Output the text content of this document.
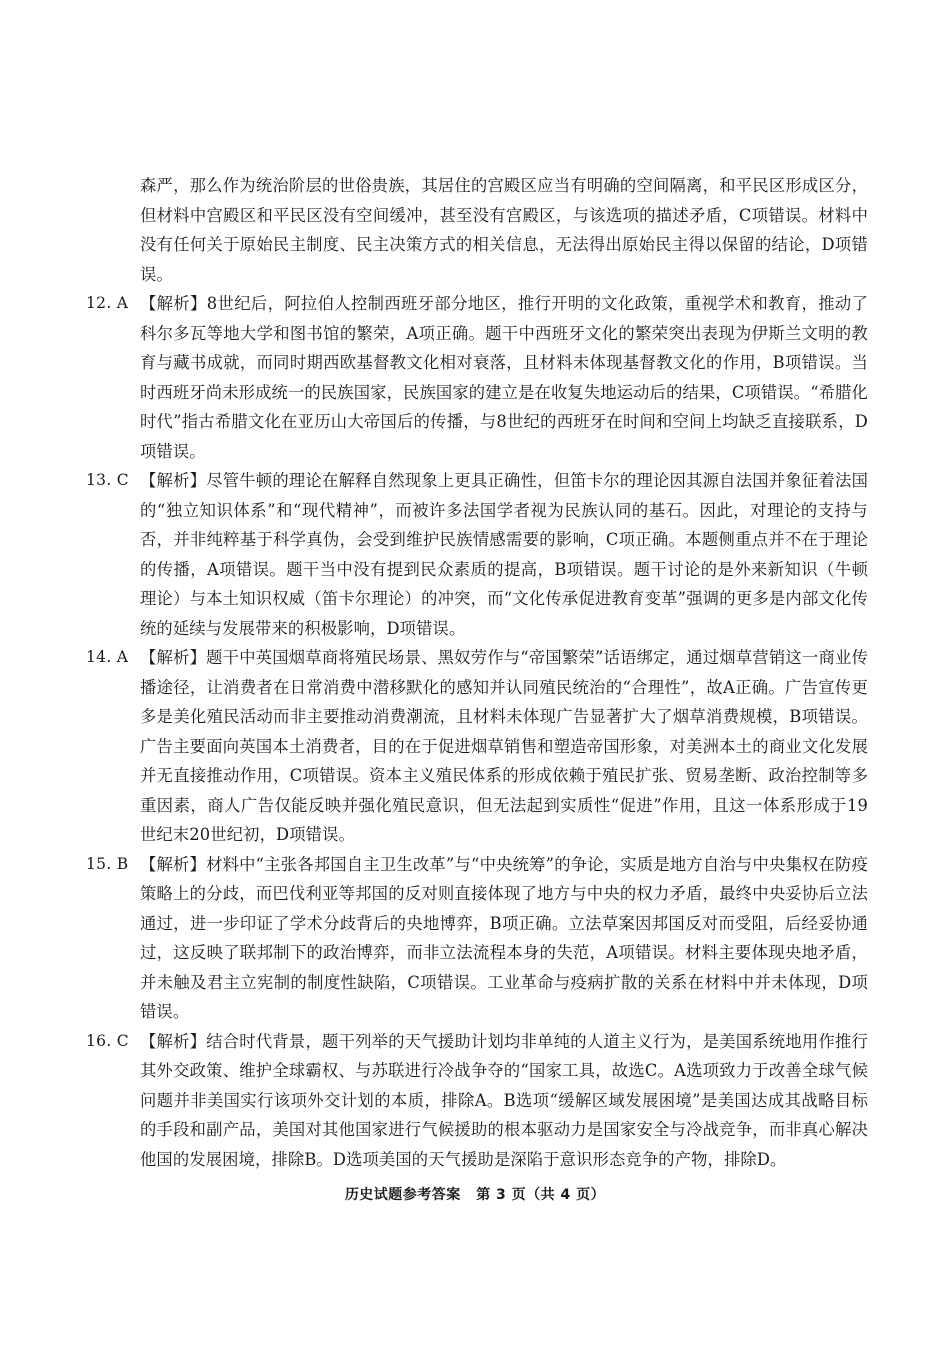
森严，那么作为统治阶层的世俗贵族，其居住的宫殿区应当有明确的空间隔离，和平民区形成区分，但材料中宫殿区和平民区没有空间缓冲，甚至没有宫殿区，与该选项的描述矛盾，C项错误。材料中没有任何关于原始民主制度、民主决策方式的相关信息，无法得出原始民主得以保留的结论，D项错误。
12. A 【解析】8世纪后，阿拉伯人控制西班牙部分地区，推行开明的文化政策，重视学术和教育，推动了科尔多瓦等地大学和图书馆的繁荣，A项正确。题干中西班牙文化的繁荣突出表现为伊斯兰文明的教育与藏书成就，而同时期西欧基督教文化相对衰落，且材料未体现基督教文化的作用，B项错误。当时西班牙尚未形成统一的民族国家，民族国家的建立是在收复失地运动后的结果，C项错误。“希腊化时代”指古希腊文化在亚历山大帝国后的传播，与8世纪的西班牙在时间和空间上均缺乏直接联系，D项错误。
13. C 【解析】尽管牛顿的理论在解释自然现象上更具正确性，但笛卡尔的理论因其源自法国并象征着法国的“独立知识体系”和“现代精神”，而被许多法国学者视为民族认同的基石。因此，对理论的支持与否，并非纯粹基于科学真伪，会受到维护民族情感需要的影响，C项正确。本题侧重点并不在于理论的传播，A项错误。题干当中没有提到民众素质的提高，B项错误。题干讨论的是外来新知识（牛顿理论）与本土知识权威（笛卡尔理论）的冲突，而“文化传承促进教育变革”强调的更多是内部文化传统的延续与发展带来的积极影响，D项错误。
14. A 【解析】题干中英国烟草商将殖民场景、黑奴劳作与“帝国繁荣”话语绑定，通过烟草营销这一商业传播途径，让消费者在日常消费中潜移默化的感知并认同殖民统治的“合理性”，故A正确。广告宣传更多是美化殖民活动而非主要推动消费潮流，且材料未体现广告显著扩大了烟草消费规模，B项错误。广告主要面向英国本土消费者，目的在于促进烟草销售和塑造帝国形象，对美洲本土的商业文化发展并无直接推动作用，C项错误。资本主义殖民体系的形成依赖于殖民扩张、贸易垄断、政治控制等多重因素，商人广告仅能反映并强化殖民意识，但无法起到实质性“促进”作用，且这一体系形成于19世纪末20世纪初，D项错误。
15. B 【解析】材料中“主张各邦国自主卫生改革”与“中央统筹”的争论，实质是地方自治与中央集权在防疫策略上的分歧，而巴伐利亚等邦国的反对则直接体现了地方与中央的权力矛盾，最终中央妥协后立法通过，进一步印证了学术分歧背后的央地博弈，B项正确。立法草案因邦国反对而受阻，后经妥协通过，这反映了联邦制下的政治博弈，而非立法流程本身的失范，A项错误。材料主要体现央地矛盾，并未触及君主立宪制的制度性缺陷，C项错误。工业革命与疫病扩散的关系在材料中并未体现，D项错误。
16. C 【解析】结合时代背景，题干列举的天气援助计划均非单纯的人道主义行为，是美国系统地用作推行其外交政策、维护全球霸权、与苏联进行冷战争夺的“国家工具，故选C。A选项致力于改善全球气候问题并非美国实行该项外交计划的本质，排除A。B选项“缓解区域发展困境”是美国达成其战略目标的手段和副产品，美国对其他国家进行气候援助的根本驱动力是国家安全与冷战竞争，而非真心解决他国的发展困境，排除B。D选项美国的天气援助是深陷于意识形态竞争的产物，排除D。
历史试题参考答案 第 3 页（共 4 页）
